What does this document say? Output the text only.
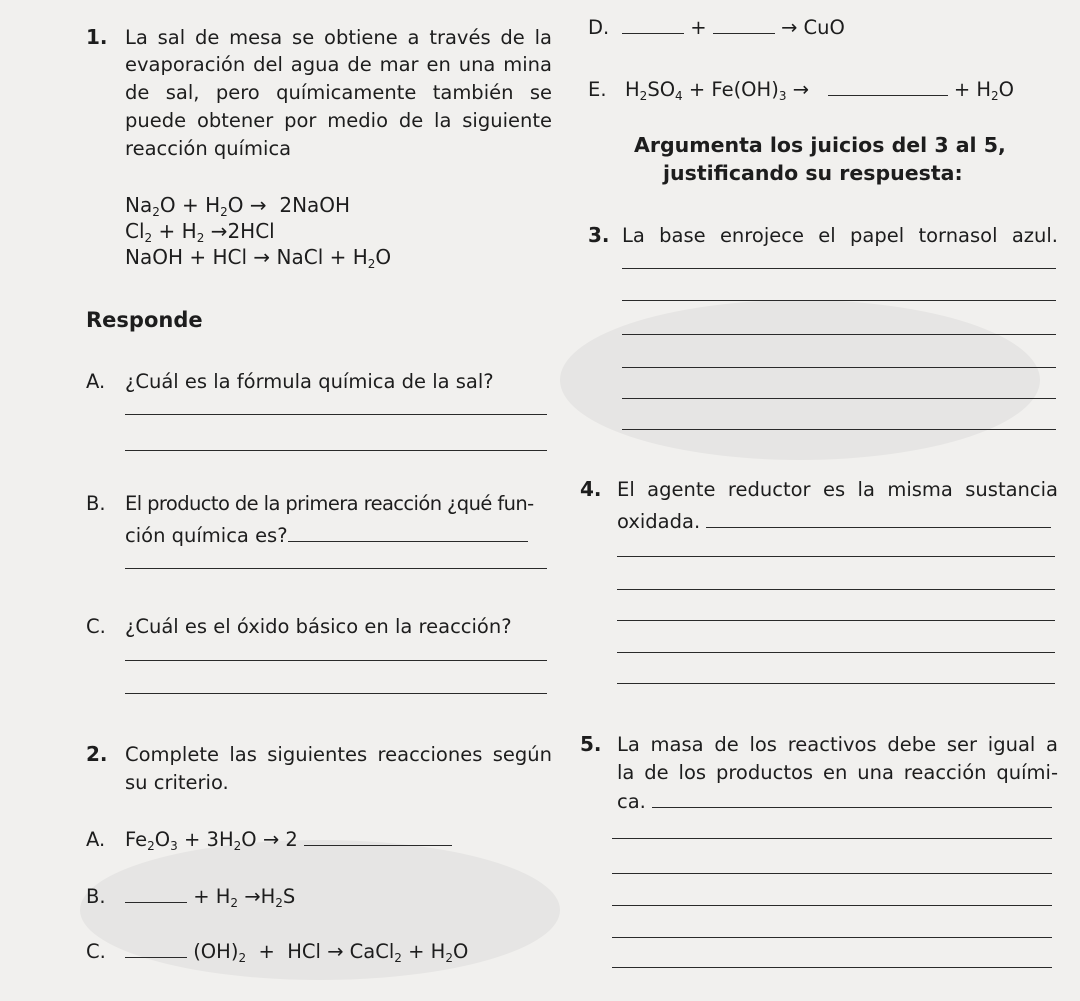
1. La sal de mesa se obtiene a través de la
evaporación del agua de mar en una mina
de sal, pero químicamente también se
puede obtener por medio de la siguiente
reacción química
$Na_2O + H_2O$ → 2NaOH
$Cl_2 + H_2 \to 2HCl$
NaOH + HCl → NaCl + $H_2O$
Responde
A. ¿Cuál es la fórmula química de la sal?
B. El producto de la primera reacción ¿qué fun-
ción química es?
C. ¿Cuál es el óxido básico en la reacción?
2. Complete las siguientes reacciones según
su criterio.
A. $Fe_2O_3 + 3H_2O \to 2$
B.	+ $H_2 \to H_2S$
C.	$(OH)_2$  +  HCl → CaCl$_2$ + $H_2O$
D.	+	→ CuO
E. $H_2SO_4 + Fe(OH)_3$ →	+ $H_2O$
Argumenta los juicios del 3 al 5,
justificando su respuesta:
3. La base enrojece el papel tornasol azul.
4. El agente reductor es la misma sustancia
oxidada.
5. La masa de los reactivos debe ser igual a
la de los productos en una reacción quími-
ca.
